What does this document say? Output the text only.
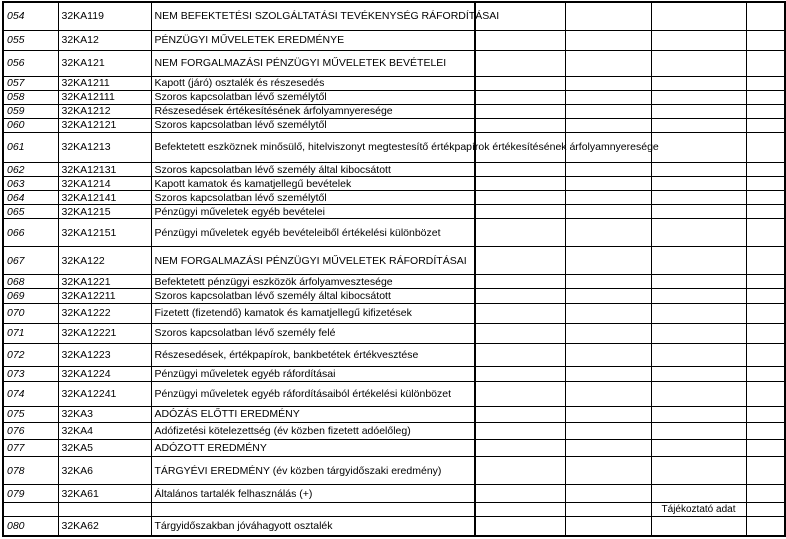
054	32KA119	NEM BEFEKTETÉSI SZOLGÁLTATÁSI TEVÉKENYSÉG RÁFORDÍTÁSAI				
055	32KA12	PÉNZÜGYI MŰVELETEK EREDMÉNYE				
056	32KA121	NEM FORGALMAZÁSI PÉNZÜGYI MŰVELETEK BEVÉTELEI				
057	32KA1211	Kapott (járó) osztalék és részesedés				
058	32KA12111	Szoros kapcsolatban lévő személytől				
059	32KA1212	Részesedések értékesítésének árfolyamnyeresége				
060	32KA12121	Szoros kapcsolatban lévő személytől				
061	32KA1213	Befektetett eszköznek minősülő, hitelviszonyt megtestesítő értékpapírok értékesítésének árfolyamnyeresége				
062	32KA12131	Szoros kapcsolatban lévő személy által kibocsátott				
063	32KA1214	Kapott kamatok és kamatjellegű bevételek				
064	32KA12141	Szoros kapcsolatban lévő személytől				
065	32KA1215	Pénzügyi műveletek egyéb bevételei				
066	32KA12151	Pénzügyi műveletek egyéb bevételeiből értékelési különbözet				
067	32KA122	NEM FORGALMAZÁSI PÉNZÜGYI MŰVELETEK RÁFORDÍTÁSAI				
068	32KA1221	Befektetett pénzügyi eszközök árfolyamvesztesége				
069	32KA12211	Szoros kapcsolatban lévő személy által kibocsátott				
070	32KA1222	Fizetett (fizetendő) kamatok és kamatjellegű kifizetések				
071	32KA12221	Szoros kapcsolatban lévő személy felé				
072	32KA1223	Részesedések, értékpapírok, bankbetétek értékvesztése				
073	32KA1224	Pénzügyi műveletek egyéb ráfordításai				
074	32KA12241	Pénzügyi műveletek egyéb ráfordításaiból értékelési különbözet				
075	32KA3	ADÓZÁS ELŐTTI EREDMÉNY				
076	32KA4	Adófizetési kötelezettség (év közben fizetett adóelőleg)				
077	32KA5	ADÓZOTT EREDMÉNY				
078	32KA6	TÁRGYÉVI EREDMÉNY (év közben tárgyidőszaki eredmény)				
079	32KA61	Általános tartalék felhasználás (+)				
					Tájékoztató adat	
080	32KA62	Tárgyidőszakban jóváhagyott osztalék				
